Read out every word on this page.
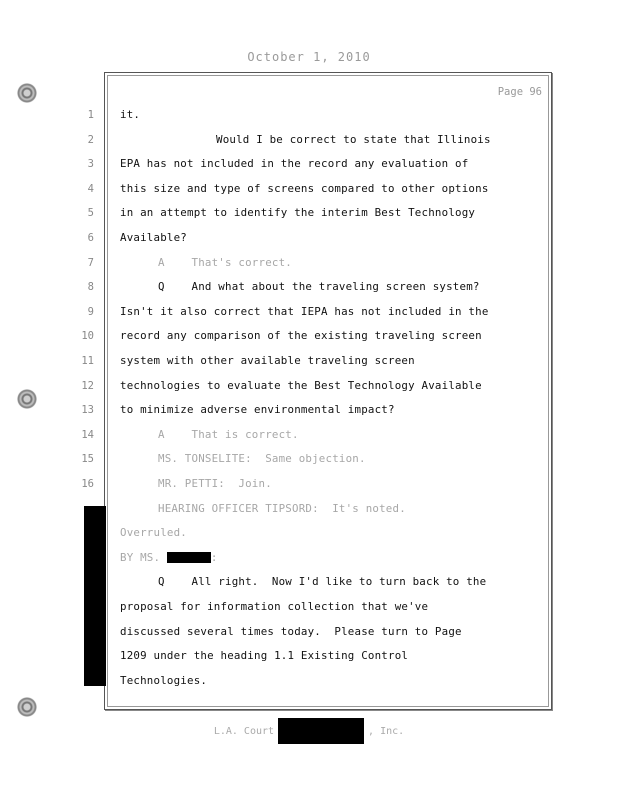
October 1, 2010
Page 96
1 it.
2	Would I be correct to state that Illinois
3 EPA has not included in the record any evaluation of
4 this size and type of screens compared to other options
5 in an attempt to identify the interim Best Technology
6 Available?
7	A    That's correct.
8	Q    And what about the traveling screen system?
9 Isn't it also correct that IEPA has not included in the
10 record any comparison of the existing traveling screen
11 system with other available traveling screen
12 technologies to evaluate the Best Technology Available
13 to minimize adverse environmental impact?
14	A    That is correct.
15	MS. TONSELITE:  Same objection.
16	MR. PETTI:  Join.
HEARING OFFICER TIPSORD:  It's noted.
Overruled.
BY MS.	:
Q    All right.  Now I'd like to turn back to the
proposal for information collection that we've
discussed several times today.  Please turn to Page
1209 under the heading 1.1 Existing Control
Technologies.
L.A. Court	, Inc.
